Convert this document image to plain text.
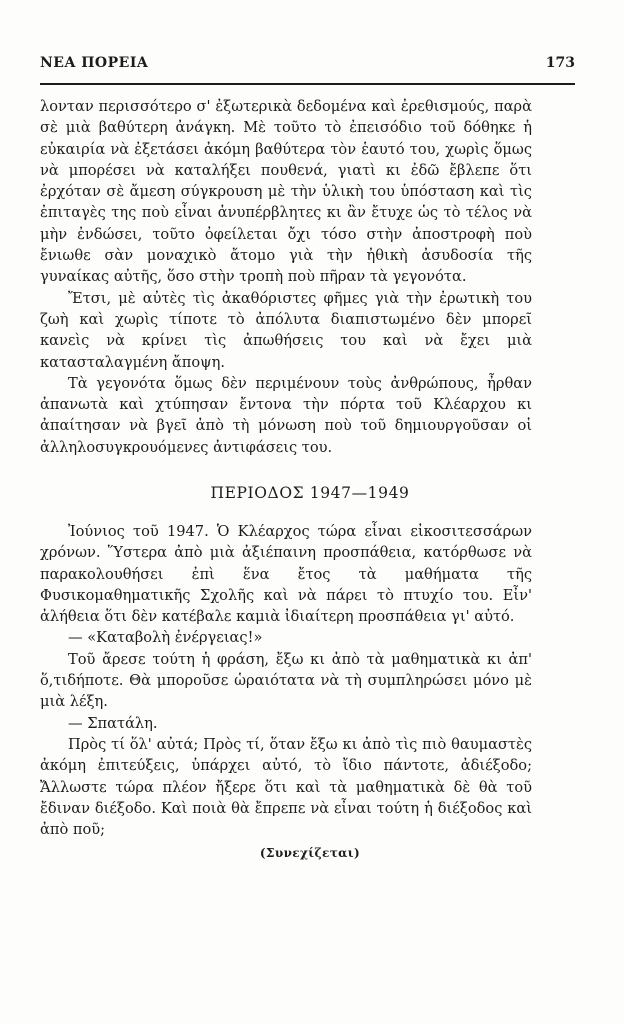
ΝΕΑ ΠΟΡΕΙΑ	173

λονταν περισσότερο σ' ἐξωτερικὰ δεδομένα καὶ ἐρεθισμούς, παρὰ σὲ μιὰ βαθύτερη ἀνάγκη. Μὲ τοῦτο τὸ ἐπεισόδιο τοῦ δόθηκε ἡ εὐκαιρία νὰ ἐξετάσει ἀκόμη βαθύτερα τὸν ἑαυτό του, χωρὶς ὅμως νὰ μπορέσει νὰ καταλήξει πουθενά, γιατὶ κι ἐδῶ ἔβλεπε ὅτι ἐρχόταν σὲ ἄμεση σύγκρουση μὲ τὴν ὑλικὴ του ὑπόσταση καὶ τὶς ἐπιταγὲς της ποὺ εἶναι ἀνυπέρβλητες κι ἂν ἔτυχε ὡς τὸ τέλος νὰ μὴν ἐνδώσει, τοῦτο ὀφείλεται ὄχι τόσο στὴν ἀποστροφὴ ποὺ ἔνιωθε σὰν μοναχικὸ ἄτομο γιὰ τὴν ἠθικὴ ἀσυδοσία τῆς γυναίκας αὐτῆς, ὅσο στὴν τροπὴ ποὺ πῆραν τὰ γεγονότα.

Ἔτσι, μὲ αὐτὲς τὶς ἀκαθόριστες φῆμες γιὰ τὴν ἐρωτικὴ του ζωὴ καὶ χωρὶς τίποτε τὸ ἀπόλυτα διαπιστωμένο δὲν μπορεῖ κανεὶς νὰ κρίνει τὶς ἀπωθήσεις του καὶ νὰ ἔχει μιὰ κατασταλαγμένη ἄποψη.

Τὰ γεγονότα ὅμως δὲν περιμένουν τοὺς ἀνθρώπους, ἦρθαν ἀπανωτὰ καὶ χτύπησαν ἔντονα τὴν πόρτα τοῦ Κλέαρχου κι ἀπαίτησαν νὰ βγεῖ ἀπὸ τὴ μόνωση ποὺ τοῦ δημιουργοῦσαν οἱ ἀλληλοσυγκρουόμενες ἀντιφάσεις του.

ΠΕΡΙΟΔΟΣ 1947—1949

Ἰούνιος τοῦ 1947. Ὁ Κλέαρχος τώρα εἶναι εἰκοσιτεσσάρων χρόνων. Ὕστερα ἀπὸ μιὰ ἀξιέπαινη προσπάθεια, κατόρθωσε νὰ παρακολουθήσει ἐπὶ ἕνα ἔτος τὰ μαθήματα τῆς Φυσικομαθηματικῆς Σχολῆς καὶ νὰ πάρει τὸ πτυχίο του. Εἶν' ἀλήθεια ὅτι δὲν κατέβαλε καμιὰ ἰδιαίτερη προσπάθεια γι' αὐτό.

— «Καταβολὴ ἐνέργειας!»

Τοῦ ἄρεσε τούτη ἡ φράση, ἔξω κι ἀπὸ τὰ μαθηματικὰ κι ἀπ' ὅ,τιδήποτε. Θὰ μποροῦσε ὡραιότατα νὰ τὴ συμπληρώσει μόνο μὲ μιὰ λέξη.

— Σπατάλη.

Πρὸς τί ὅλ' αὐτά; Πρὸς τί, ὅταν ἔξω κι ἀπὸ τὶς πιὸ θαυμαστὲς ἀκόμη ἐπιτεύξεις, ὑπάρχει αὐτό, τὸ ἴδιο πάντοτε, ἀδιέξοδο; Ἄλλωστε τώρα πλέον ἤξερε ὅτι καὶ τὰ μαθηματικὰ δὲ θὰ τοῦ ἔδιναν διέξοδο. Καὶ ποιὰ θὰ ἔπρεπε νὰ εἶναι τούτη ἡ διέξοδος καὶ ἀπὸ ποῦ;

(Συνεχίζεται)
